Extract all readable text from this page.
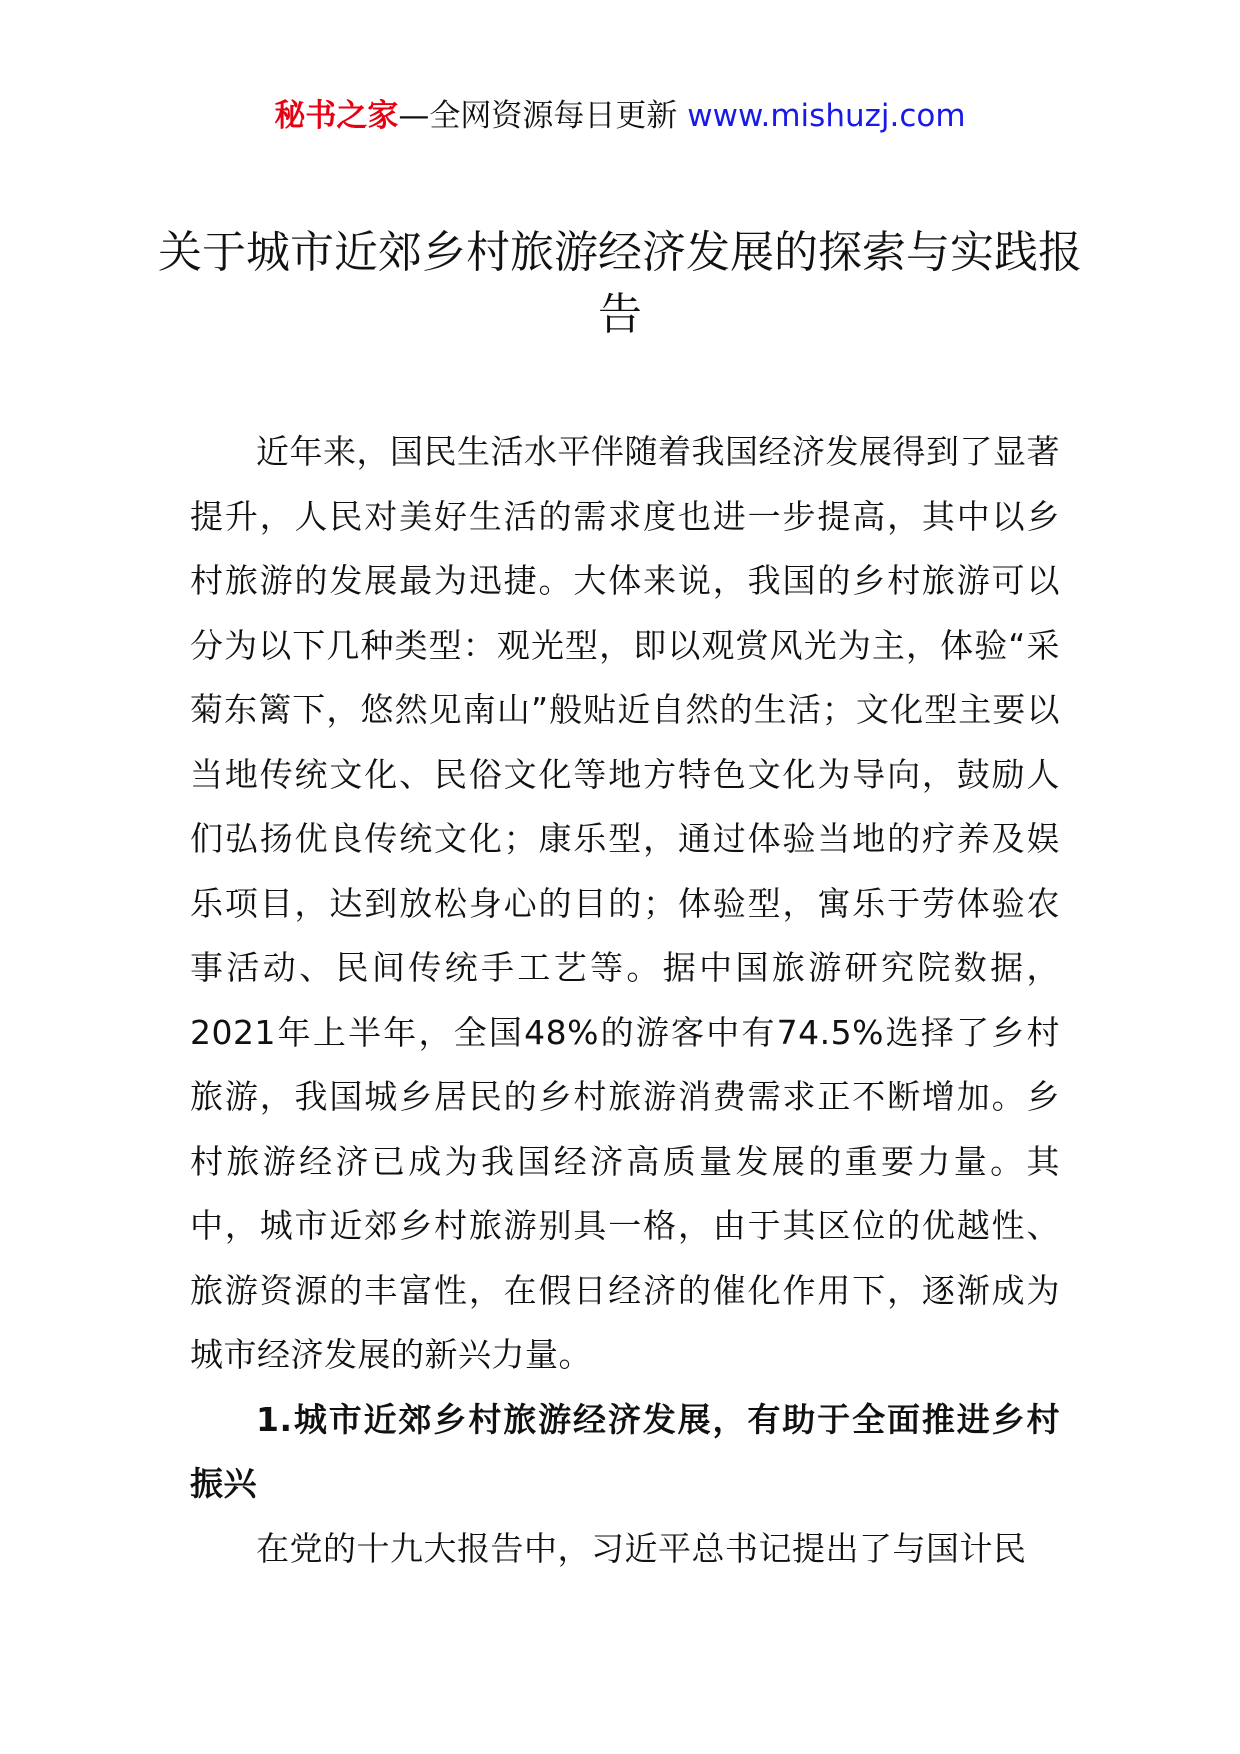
秘书之家—全网资源每日更新 www.mishuzj.com
关于城市近郊乡村旅游经济发展的探索与实践报告

近年来，国民生活水平伴随着我国经济发展得到了显著提升，人民对美好生活的需求度也进一步提高，其中以乡村旅游的发展最为迅捷。大体来说，我国的乡村旅游可以分为以下几种类型：观光型，即以观赏风光为主，体验“采菊东篱下，悠然见南山”般贴近自然的生活；文化型主要以当地传统文化、民俗文化等地方特色文化为导向，鼓励人们弘扬优良传统文化；康乐型，通过体验当地的疗养及娱乐项目，达到放松身心的目的；体验型，寓乐于劳体验农事活动、民间传统手工艺等。据中国旅游研究院数据，2021年上半年，全国48%的游客中有74.5%选择了乡村旅游，我国城乡居民的乡村旅游消费需求正不断增加。乡村旅游经济已成为我国经济高质量发展的重要力量。其中，城市近郊乡村旅游别具一格，由于其区位的优越性、旅游资源的丰富性，在假日经济的催化作用下，逐渐成为城市经济发展的新兴力量。

1.城市近郊乡村旅游经济发展，有助于全面推进乡村振兴

在党的十九大报告中，习近平总书记提出了与国计民
